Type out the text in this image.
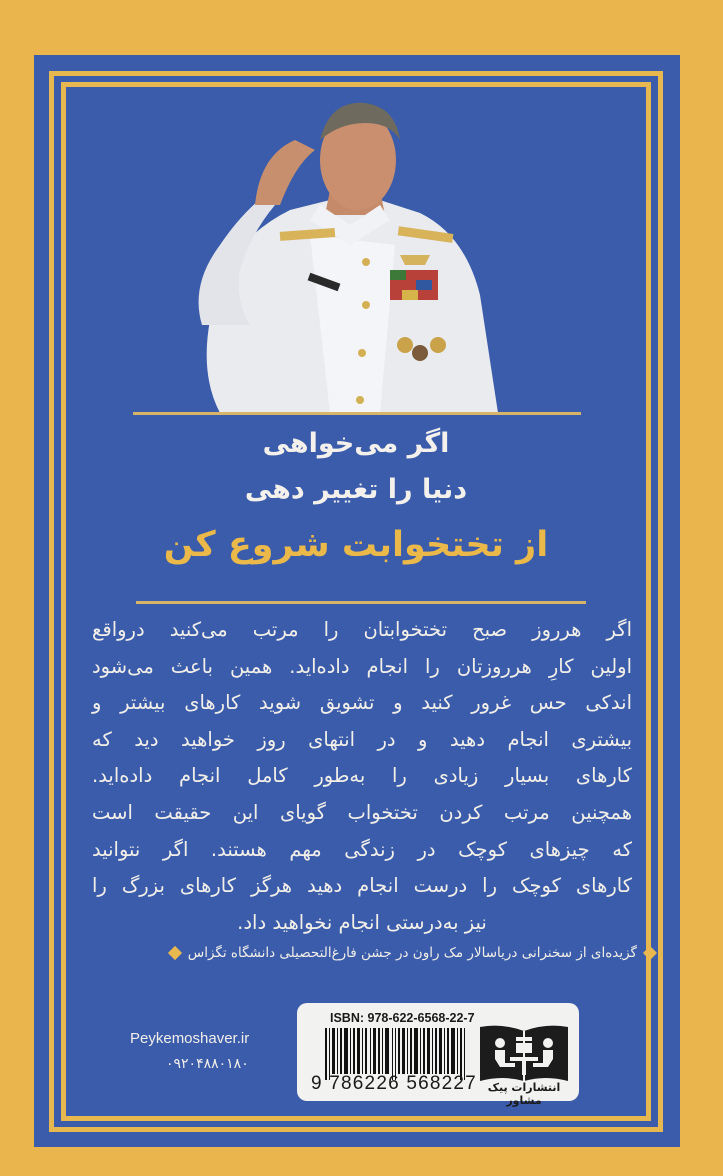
اگر می‌خواهی
دنیا را تغییر دهی
از تختخوابت شروع کن
اگر هرروز صبح تختخوابتان را مرتب می‌کنید درواقع
اولین کارِ هرروزتان را انجام داده‌اید. همین باعث می‌شود
اندکی حس غرور کنید و تشویق شوید کارهای بیشتر و
بیشتری انجام دهید و در انتهای روز خواهید دید که
کارهای بسیار زیادی را به‌طور کامل انجام داده‌اید.
همچنین مرتب کردن تختخواب گویای این حقیقت است
که چیزهای کوچک در زندگی مهم هستند. اگر نتوانید
کارهای کوچک را درست انجام دهید هرگز کارهای بزرگ را
نیز به‌درستی انجام نخواهید داد.
گزیده‌ای از سخنرانی دریاسالار مک راون در جشن فارغ‌التحصیلی دانشگاه تگزاس
Peykemoshaver.ir
۰۹۲۰۴۸۸۰۱۸۰
ISBN: 978-622-6568-22-7
9 786226 568227 انتشارات پیک مشاور
